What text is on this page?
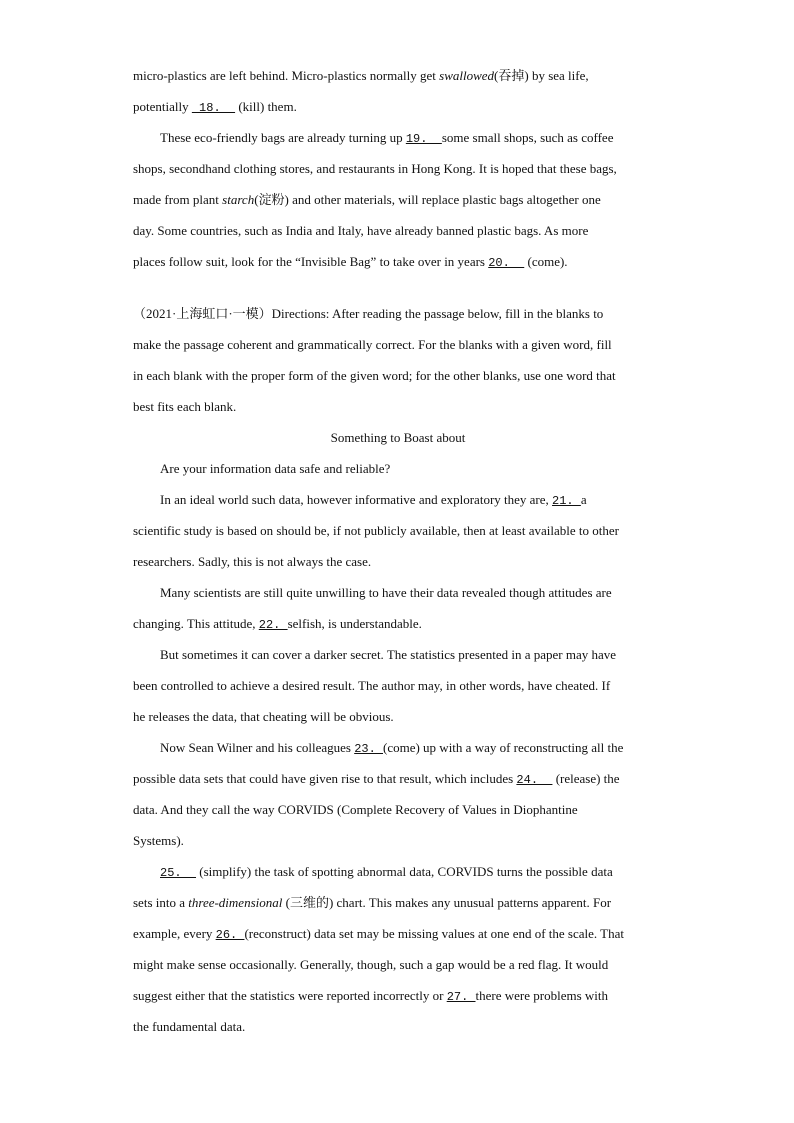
micro-plastics are left behind. Micro-plastics normally get swallowed(吞掉) by sea life,
potentially  18.   (kill) them.
These eco-friendly bags are already turning up 19.  some small shops, such as coffee
shops, secondhand clothing stores, and restaurants in Hong Kong. It is hoped that these bags,
made from plant starch(淀粉) and other materials, will replace plastic bags altogether one
day. Some countries, such as India and Italy, have already banned plastic bags. As more
places follow suit, look for the “Invisible Bag” to take over in years 20.   (come).
（2021·上海虹口·一模）Directions: After reading the passage below, fill in the blanks to
make the passage coherent and grammatically correct. For the blanks with a given word, fill
in each blank with the proper form of the given word; for the other blanks, use one word that
best fits each blank.
Something to Boast about
Are your information data safe and reliable?
In an ideal world such data, however informative and exploratory they are, 21. a
scientific study is based on should be, if not publicly available, then at least available to other
researchers. Sadly, this is not always the case.
Many scientists are still quite unwilling to have their data revealed though attitudes are
changing. This attitude, 22. selfish, is understandable.
But sometimes it can cover a darker secret. The statistics presented in a paper may have
been controlled to achieve a desired result. The author may, in other words, have cheated. If
he releases the data, that cheating will be obvious.
Now Sean Wilner and his colleagues 23. (come) up with a way of reconstructing all the
possible data sets that could have given rise to that result, which includes 24.   (release) the
data. And they call the way CORVIDS (Complete Recovery of Values in Diophantine
Systems).
25.   (simplify) the task of spotting abnormal data, CORVIDS turns the possible data
sets into a three-dimensional (三维的) chart. This makes any unusual patterns apparent. For
example, every 26. (reconstruct) data set may be missing values at one end of the scale. That
might make sense occasionally. Generally, though, such a gap would be a red flag. It would
suggest either that the statistics were reported incorrectly or 27. there were problems with
the fundamental data.
